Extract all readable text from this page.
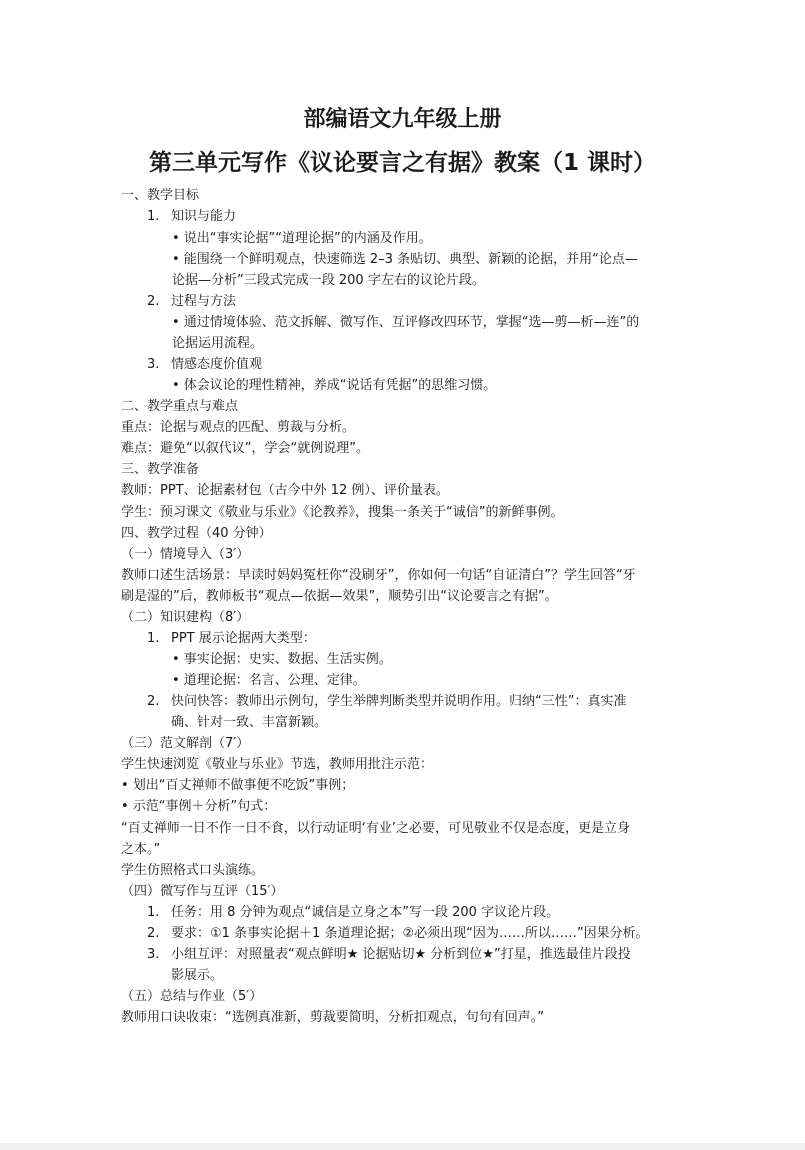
部编语文九年级上册
第三单元写作《议论要言之有据》教案（1 课时）
一、教学目标
1. 知识与能力
• 说出“事实论据”“道理论据”的内涵及作用。
• 能围绕一个鲜明观点，快速筛选 2–3 条贴切、典型、新颖的论据，并用“论点—
论据—分析”三段式完成一段 200 字左右的议论片段。
2. 过程与方法
• 通过情境体验、范文拆解、微写作、互评修改四环节，掌握“选—剪—析—连”的
论据运用流程。
3. 情感态度价值观
• 体会议论的理性精神，养成“说话有凭据”的思维习惯。
二、教学重点与难点
重点：论据与观点的匹配、剪裁与分析。
难点：避免“以叙代议”，学会“就例说理”。
三、教学准备
教师：PPT、论据素材包（古今中外 12 例）、评价量表。
学生：预习课文《敬业与乐业》《论教养》，搜集一条关于“诚信”的新鲜事例。
四、教学过程（40 分钟）
（一）情境导入（3′）
教师口述生活场景：早读时妈妈冤枉你“没刷牙”，你如何一句话“自证清白”？学生回答“牙
刷是湿的”后，教师板书“观点—依据—效果”，顺势引出“议论要言之有据”。
（二）知识建构（8′）
1. PPT 展示论据两大类型：
• 事实论据：史实、数据、生活实例。
• 道理论据：名言、公理、定律。
2. 快问快答：教师出示例句，学生举牌判断类型并说明作用。归纳“三性”：真实准
确、针对一致、丰富新颖。
（三）范文解剖（7′）
学生快速浏览《敬业与乐业》节选，教师用批注示范：
• 划出“百丈禅师不做事便不吃饭”事例；
• 示范“事例＋分析”句式：
“百丈禅师一日不作一日不食，以行动证明‘有业’之必要，可见敬业不仅是态度，更是立身
之本。”
学生仿照格式口头演练。
（四）微写作与互评（15′）
1. 任务：用 8 分钟为观点“诚信是立身之本”写一段 200 字议论片段。
2. 要求：①1 条事实论据＋1 条道理论据；②必须出现“因为……所以……”因果分析。
3. 小组互评：对照量表“观点鲜明★ 论据贴切★ 分析到位★”打星，推选最佳片段投
影展示。
（五）总结与作业（5′）
教师用口诀收束：“选例真准新，剪裁要简明，分析扣观点，句句有回声。”
